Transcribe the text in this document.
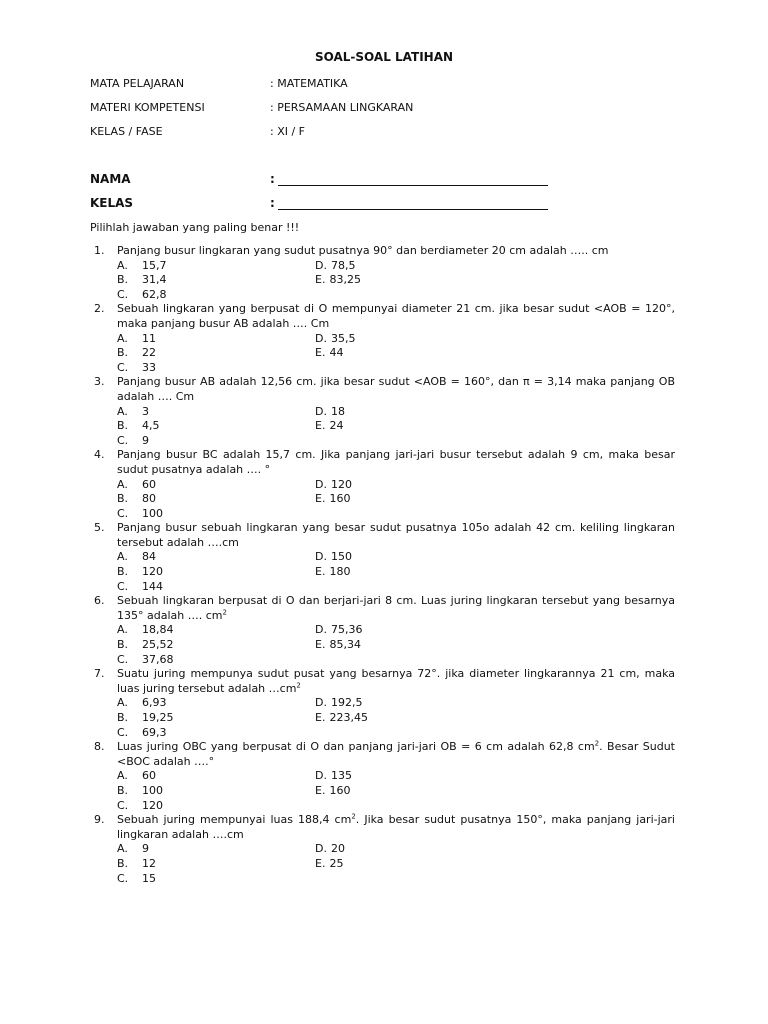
SOAL-SOAL LATIHAN
MATA PELAJARAN	: MATEMATIKA
MATERI KOMPETENSI	: PERSAMAAN LINGKARAN
KELAS / FASE	: XI / F
NAMA	:
KELAS	:
Pilihlah jawaban yang paling benar !!!
1. Panjang busur lingkaran yang sudut pusatnya 90° dan berdiameter 20 cm adalah ….. cm
A. 15,7
B. 31,4
C. 62,8
D. 78,5
E. 83,25
2. Sebuah lingkaran yang berpusat di O mempunyai diameter 21 cm. jika besar sudut <AOB = 120°, maka panjang busur AB adalah …. Cm
A. 11
B. 22
C. 33
D. 35,5
E. 44
3. Panjang busur AB adalah 12,56 cm. jika besar sudut <AOB = 160°, dan π = 3,14 maka panjang OB adalah …. Cm
A. 3
B. 4,5
C. 9
D. 18
E. 24
4. Panjang busur BC adalah 15,7 cm. Jika panjang jari-jari busur tersebut adalah 9 cm, maka besar sudut pusatnya adalah …. °
A. 60
B. 80
C. 100
D. 120
E. 160
5. Panjang busur sebuah lingkaran yang besar sudut pusatnya 105o adalah 42 cm. keliling lingkaran tersebut adalah ….cm
A. 84
B. 120
C. 144
D. 150
E. 180
6. Sebuah lingkaran berpusat di O dan berjari-jari 8 cm. Luas juring lingkaran tersebut yang besarnya 135° adalah …. $cm^2$
A. 18,84
B. 25,52
C. 37,68
D. 75,36
E. 85,34
7. Suatu juring mempunya sudut pusat yang besarnya 72°. jika diameter lingkarannya 21 cm, maka luas juring tersebut adalah $\dots cm^2$
A. 6,93
B. 19,25
C. 69,3
D. 192,5
E. 223,45
8. Luas juring OBC yang berpusat di O dan panjang jari-jari OB = 6 cm adalah 62,8 $cm^2$. Besar Sudut <BOC adalah ….°
A. 60
B. 100
C. 120
D. 135
E. 160
9. Sebuah juring mempunyai luas 188,4 $cm^2$. Jika besar sudut pusatnya 150°, maka panjang jari-jari lingkaran adalah ….cm
A. 9
B. 12
C. 15
D. 20
E. 25
